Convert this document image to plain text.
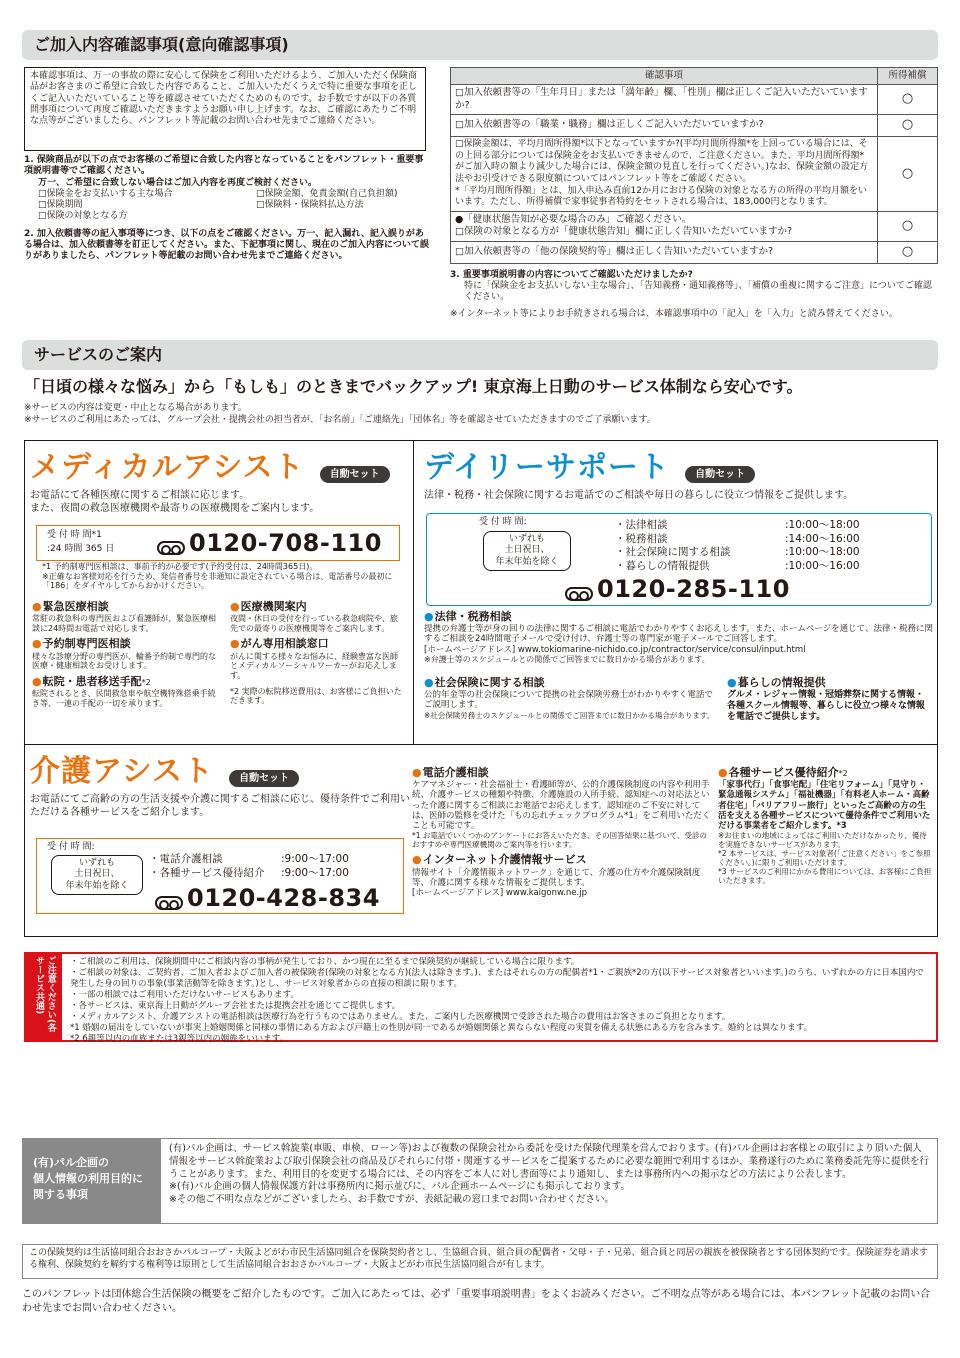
ご加入内容確認事項(意向確認事項)
本確認事項は、万一の事故の際に安心して保険をご利用いただけるよう、ご加入いただく保険商品がお客さまのご希望に合致した内容であること、ご加入いただくうえで特に重要な事項を正しくご記入いただいていること等を確認させていただくためのものです。お手数ですが以下の各質問事項について再度ご確認いただきますようお願い申し上げます。なお、ご確認にあたりご不明な点等がございましたら、パンフレット等記載のお問い合わせ先までご連絡ください。
1. 保険商品が以下の点でお客様のご希望に合致した内容となっていることをパンフレット・重要事項説明書等でご確認ください。
万一、ご希望に合致しない場合はご加入内容を再度ご検討ください。
□保険金をお支払いする主な場合	□保険金額、免責金額(自己負担額)
□保険期間	□保険料・保険料払込方法
□保険の対象となる方
2. 加入依頼書等の記入事項等につき、以下の点をご確認ください。万一、記入漏れ、記入誤りがある場合は、加入依頼書等を訂正してください。また、下記事項に関し、現在のご加入内容について誤りがありましたら、パンフレット等記載のお問い合わせ先までご連絡ください。
確認事項	所得補償
□加入依頼書等の「生年月日」または「満年齢」欄、「性別」欄は正しくご記入いただいていますか?	○
□加入依頼書等の「職業・職務」欄は正しくご記入いただいていますか?	○
□保険金額は、平均月間所得額*以下となっていますか?(平均月間所得額*を上回っている場合には、その上回る部分については保険金をお支払いできませんので、ご注意ください。また、平均月間所得額*がご加入時の額より減少した場合には、保険金額の見直しを行ってください。)なお、保険金額の設定方法やお引受けできる限度額についてはパンフレット等をご確認ください。
*「平均月間所得額」とは、加入申込み直前12か月における保険の対象となる方の所得の平均月額をいいます。ただし、所得補償で家事従事者特約をセットされる場合は、183,000円となります。	○
●「健康状態告知が必要な場合のみ」ご確認ください。
□保険の対象となる方が「健康状態告知」欄に正しく告知いただいていますか?	○
□加入依頼書等の「他の保険契約等」欄は正しく告知いただいていますか?	○
3. 重要事項説明書の内容についてご確認いただけましたか?
特に「保険金をお支払いしない主な場合」、「告知義務・通知義務等」、「補償の重複に関するご注意」についてご確認ください。
※インターネット等によりお手続きされる場合は、本確認事項中の「記入」を「入力」と読み替えてください。
サービスのご案内
「日頃の様々な悩み」から「もしも」のときまでバックアップ! 東京海上日動のサービス体制なら安心です。
※サービスの内容は変更・中止となる場合があります。
※サービスのご利用にあたっては、グループ会社・提携会社の担当者が、「お名前」「ご連絡先」「団体名」等を確認させていただきますのでご了承願います。
メディカルアシスト	自動セット
お電話にて各種医療に関するご相談に応じます。
また、夜間の救急医療機関や最寄りの医療機関をご案内します。
受 付 時 間*1
:24 時間 365 日	0120-708-110
*1 予約制専門医相談は、事前予約が必要です(予約受付は、24時間365日)。
※正確なお客様対応を行うため、発信者番号を非通知に設定されている場合は、電話番号の最初に「186」をダイヤルしてからおかけください。
● 緊急医療相談
常駐の救急科の専門医および看護師が、緊急医療相談に24時間お電話で対応します。
● 予約制専門医相談
様々な診療分野の専門医が、輪番予約制で専門的な医療・健康相談をお受けします。
● 転院・患者移送手配*2
転院されるとき、民間救急車や航空機特殊搭乗手続き等、一連の手配の一切を承ります。
● 医療機関案内
夜間・休日の受付を行っている救急病院や、旅先での最寄りの医療機関等をご案内します。
● がん専用相談窓口
がんに関する様々なお悩みに、経験豊富な医師とメディカルソーシャルワーカーがお応えします。
*2 実際の転院移送費用は、お客様にご負担いただきます。
デイリーサポート	自動セット
法律・税務・社会保険に関するお電話でのご相談や毎日の暮らしに役立つ情報をご提供します。
受 付 時 間:
いずれも
土日祝日、
年末年始を除く
・法律相談	:10:00〜18:00
・税務相談	:14:00〜16:00
・社会保険に関する相談	:10:00〜18:00
・暮らしの情報提供	:10:00〜16:00
0120-285-110
● 法律・税務相談
提携の弁護士等が身の回りの法律に関するご相談に電話でわかりやすくお応えします。また、ホームページを通じて、法律・税務に関するご相談を24時間電子メールで受け付け、弁護士等の専門家が電子メールでご回答します。
[ホームページアドレス] www.tokiomarine-nichido.co.jp/contractor/service/consul/input.html
※弁護士等のスケジュールとの関係でご回答までに数日かかる場合があります。
● 社会保険に関する相談
公的年金等の社会保険について提携の社会保険労務士がわかりやすく電話でご説明します。
※社会保険労務士のスケジュールとの関係でご回答までに数日かかる場合があります。
● 暮らしの情報提供
グルメ・レジャー情報・冠婚葬祭に関する情報・各種スクール情報等、暮らしに役立つ様々な情報を電話でご提供します。
介護アシスト	自動セット
お電話にてご高齢の方の生活支援や介護に関するご相談に応じ、優待条件でご利用いただける各種サービスをご紹介します。
受 付 時 間:
いずれも
土日祝日、
年末年始を除く
・電話介護相談	:9:00〜17:00
・各種サービス優待紹介	:9:00〜17:00
0120-428-834
● 電話介護相談
ケアマネジャー・社会福祉士・看護師等が、公的介護保険制度の内容や利用手続、介護サービスの種類や特徴、介護施設の入所手続、認知症への対応法といった介護に関するご相談にお電話でお応えします。認知症のご不安に対しては、医師の監修を受けた「もの忘れチェックプログラム*1」をご利用いただくことも可能です。
*1 お電話でいくつかのアンケートにお答えいただき、その回答結果に基づいて、受診のおすすめや専門医療機関のご案内等を行います。
● インターネット介護情報サービス
情報サイト「介護情報ネットワーク」を通じて、介護の仕方や介護保険制度等、介護に関する様々な情報をご提供します。
[ホームページアドレス] www.kaigonw.ne.jp
● 各種サービス優待紹介*2
「家事代行」「食事宅配」「住宅リフォーム」「見守り・緊急通報システム」「福祉機器」「有料老人ホーム・高齢者住宅」「バリアフリー旅行」といったご高齢の方の生活を支える各種サービスについて優待条件でご利用いただける事業者をご紹介します。*3
※お住まいの地域によってはご利用いただけなかったり、優待を実施できないサービスがあります。
*2 本サービスは、サービス対象者(「ご注意ください」をご参照ください。)に限りご利用いただけます。
*3 サービスのご利用にかかる費用については、お客様にご負担いただきます。
ご注意ください(各サービス共通)	・ご相談のご利用は、保険期間中にご相談内容の事柄が発生しており、かつ現在に至るまで保険契約が継続している場合に限ります。
・ご相談の対象は、ご契約者、ご加入者およびご加入者の被保険者(保険の対象となる方)(法人は除きます。)、またはそれらの方の配偶者*1・ご親族*2の方(以下サービス対象者といいます。)のうち、いずれかの方に日本国内で発生した身の回りの事象(事業活動等を除きます。)とし、サービス対象者からの直接の相談に限ります。
・一部の相談ではご利用いただけないサービスもあります。
・各サービスは、東京海上日動がグループ会社または提携会社を通じてご提供します。
・メディカルアシスト、介護アシストの電話相談は医療行為を行うものではありません。また、ご案内した医療機関で受診された場合の費用はお客さまのご負担となります。
*1 婚姻の届出をしていないが事実上婚姻関係と同様の事情にある方および戸籍上の性別が同一であるが婚姻関係と異ならない程度の実質を備える状態にある方を含みます。婚約とは異なります。
*2 6親等以内の血族または3親等以内の姻族をいいます。
(有)パル企画の
個人情報の利用目的に
関する事項
(有)パル企画は、サービス斡旋業(車販、車検、ローン等)および複数の保険会社から委託を受けた保険代理業を営んでおります。(有)パル企画はお客様との取引により頂いた個人情報をサービス斡旋業および取引保険会社の商品及びそれらに付帯・関連するサービスをご提案するために必要な範囲で利用するほか、業務遂行のために業務委託先等に提供を行うことがあります。また、利用目的を変更する場合には、その内容をご本人に対し書面等により通知し、または事務所内への掲示などの方法により公表します。
※(有)パル企画の個人情報保護方針は事務所内に掲示並びに、パル企画ホームページにも掲示しております。
※その他ご不明な点などがございましたら、お手数ですが、表紙記載の窓口までお問い合わせください。
この保険契約は生活協同組合おおさかパルコープ・大阪よどがわ市民生活協同組合を保険契約者とし、生協組合員、組合員の配偶者・父母・子・兄弟、組合員と同居の親族を被保険者とする団体契約です。保険証券を請求する権利、保険契約を解約する権利等は原則として生活協同組合おおさかパルコープ・大阪よどがわ市民生活協同組合が有します。
このパンフレットは団体総合生活保険の概要をご紹介したものです。ご加入にあたっては、必ず「重要事項説明書」をよくお読みください。ご不明な点等がある場合には、本パンフレット記載のお問い合わせ先までお問い合わせください。
